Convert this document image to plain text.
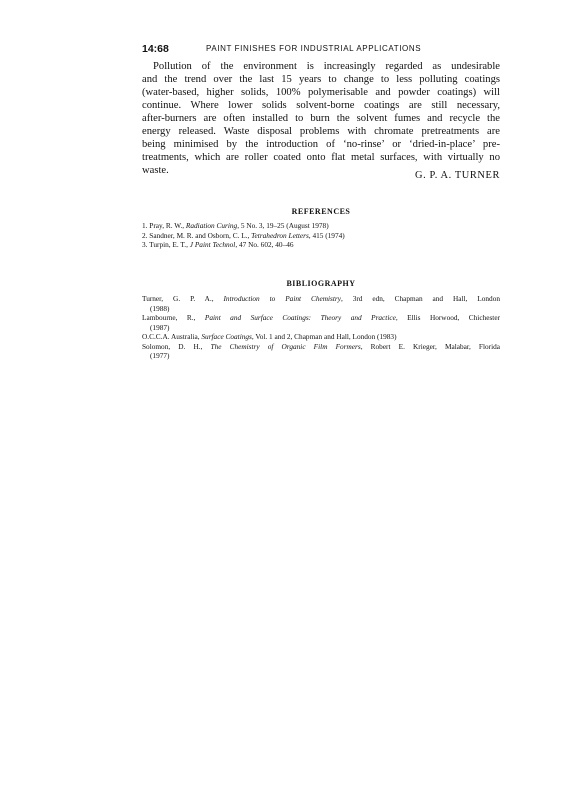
14:68	PAINT FINISHES FOR INDUSTRIAL APPLICATIONS
Pollution of the environment is increasingly regarded as undesirable
and the trend over the last 15 years to change to less polluting coatings
(water-based, higher solids, 100% polymerisable and powder coatings) will
continue. Where lower solids solvent-borne coatings are still necessary,
after-burners are often installed to burn the solvent fumes and recycle the
energy released. Waste disposal problems with chromate pretreatments are
being minimised by the introduction of ‘no-rinse’ or ‘dried-in-place’ pre-
treatments, which are roller coated onto flat metal surfaces, with virtually no
waste.	G. P. A. TURNER
REFERENCES
1. Pray, R. W., Radiation Curing, 5 No. 3, 19–25 (August 1978)
2. Sandner, M. R. and Osborn, C. L., Tetrahedron Letters, 415 (1974)
3. Turpin, E. T., J Paint Technol, 47 No. 602, 40–46
BIBLIOGRAPHY
Turner, G. P. A., Introduction to Paint Chemistry, 3rd edn, Chapman and Hall, London
(1988)
Lambourne, R., Paint and Surface Coatings: Theory and Practice, Ellis Horwood, Chichester
(1987)
O.C.C.A. Australia, Surface Coatings, Vol. 1 and 2, Chapman and Hall, London (1983)
Solomon, D. H., The Chemistry of Organic Film Formers, Robert E. Krieger, Malabar, Florida
(1977)
